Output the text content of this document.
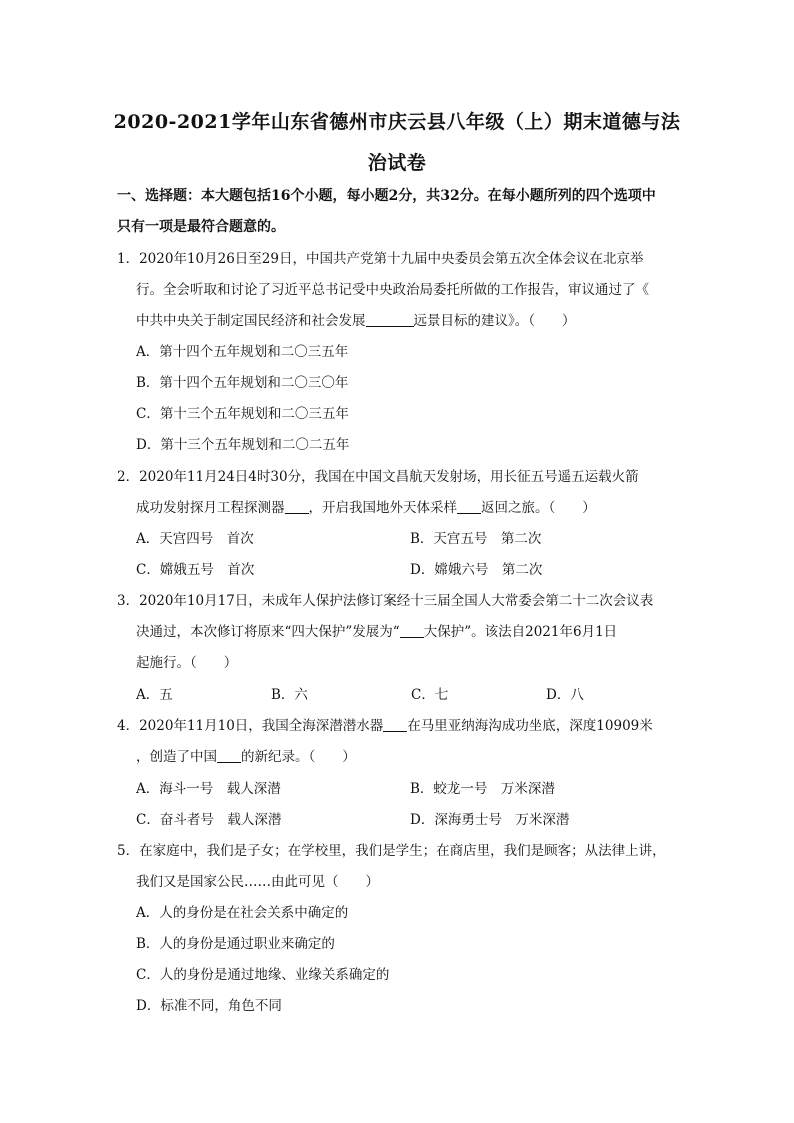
2020-2021学年山东省德州市庆云县八年级（上）期末道德与法
治试卷
一、选择题：本大题包括16个小题，每小题2分，共32分。在每小题所列的四个选项中
只有一项是最符合题意的。
1．2020年10月26日至29日，中国共产党第十九届中央委员会第五次全体会议在北京举
行。全会听取和讨论了习近平总书记受中央政治局委托所做的工作报告，审议通过了《
中共中央关于制定国民经济和社会发展	远景目标的建议》。（　　）
A．第十四个五年规划和二〇三五年
B．第十四个五年规划和二〇三〇年
C．第十三个五年规划和二〇三五年
D．第十三个五年规划和二〇二五年
2．2020年11月24日4时30分，我国在中国文昌航天发射场，用长征五号遥五运载火箭
成功发射探月工程探测器 ，开启我国地外天体采样 返回之旅。（　　）
A．天宫四号　首次	B．天宫五号　第二次
C．嫦娥五号　首次	D．嫦娥六号　第二次
3．2020年10月17日，未成年人保护法修订案经十三届全国人大常委会第二十二次会议表
决通过，本次修订将原来“四大保护”发展为“ 大保护”。该法自2021年6月1日
起施行。（　　）
A．五	B．六	C．七	D．八
4．2020年11月10日，我国全海深潜潜水器 在马里亚纳海沟成功坐底，深度10909米
，创造了中国 的新纪录。（　　）
A．海斗一号　载人深潜	B．蛟龙一号　万米深潜
C．奋斗者号　载人深潜	D．深海勇士号　万米深潜
5．在家庭中，我们是子女；在学校里，我们是学生；在商店里，我们是顾客；从法律上讲，
我们又是国家公民……由此可见（　　）
A．人的身份是在社会关系中确定的
B．人的身份是通过职业来确定的
C．人的身份是通过地缘、业缘关系确定的
D．标准不同，角色不同
